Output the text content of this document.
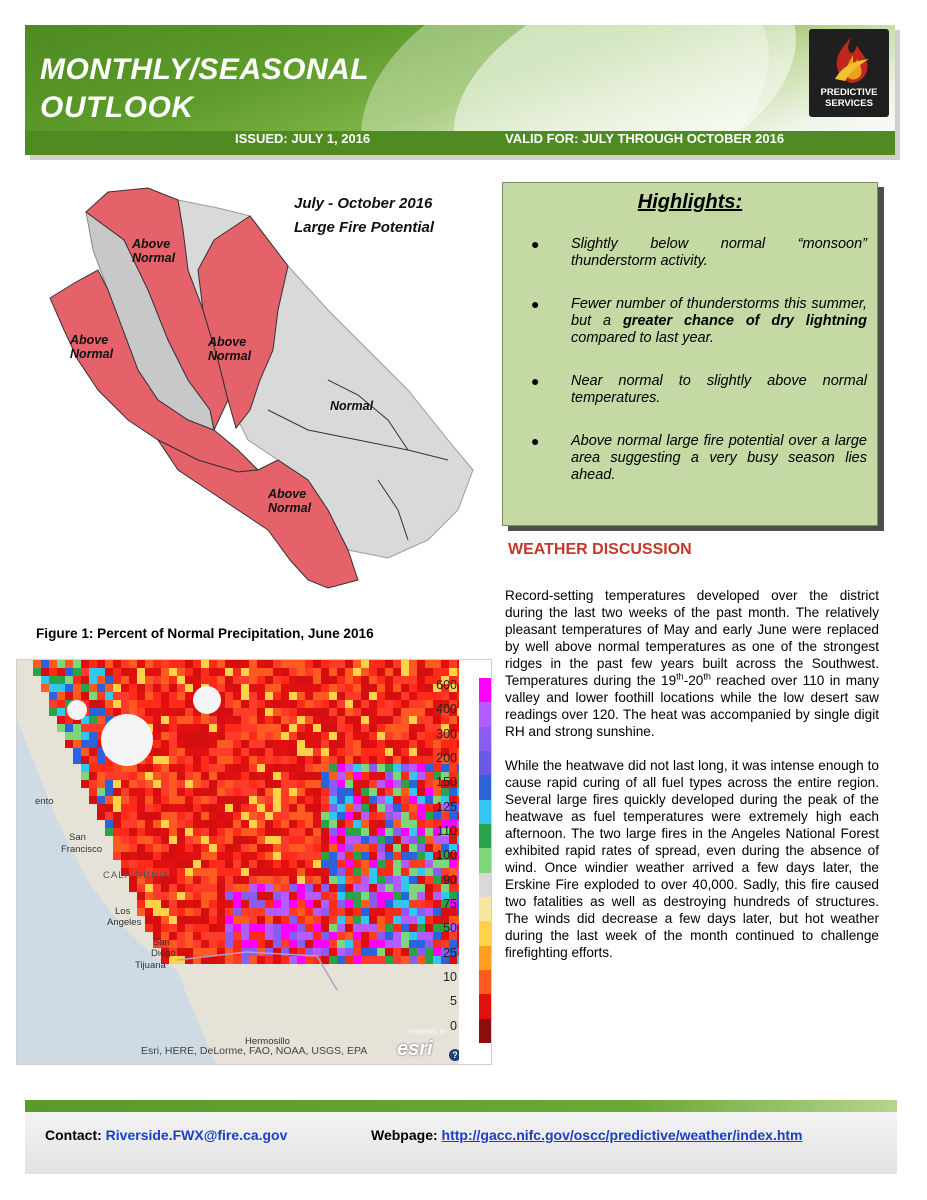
MONTHLY/SEASONAL
OUTLOOK
ISSUED: JULY 1, 2016	VALID FOR: JULY THROUGH OCTOBER 2016
PREDICTIVE
SERVICES
July - October 2016
Large Fire Potential
Above
Normal
Above
Normal
Above
Normal
Normal
Above
Normal
Highlights:
● Slightly below normal “monsoon” thunderstorm activity.
● Fewer number of thunderstorms this summer, but a greater chance of dry lightning compared to last year.
● Near normal to slightly above normal temperatures.
● Above normal large fire potential over a large area suggesting a very busy season lies ahead.
WEATHER DISCUSSION

Record-setting temperatures developed over the district during the last two weeks of the past month. The relatively pleasant temperatures of May and early June were replaced by well above normal temperatures as one of the strongest ridges in the past few years built across the Southwest. Temperatures during the 19th-20th reached over 110 in many valley and lower foothill locations while the low desert saw readings over 120. The heat was accompanied by single digit RH and strong sunshine.

While the heatwave did not last long, it was intense enough to cause rapid curing of all fuel types across the entire region. Several large fires quickly developed during the peak of the heatwave as fuel temperatures were extremely high each afternoon. The two large fires in the Angeles National Forest exhibited rapid rates of spread, even during the absence of wind. Once windier weather arrived a few days later, the Erskine Fire exploded to over 40,000. Sadly, this fire caused two fatalities as well as destroying hundreds of structures. The winds did decrease a few days later, but hot weather during the last week of the month continued to challenge firefighting efforts.

Figure 1: Percent of Normal Precipitation, June 2016
ento
San
Francisco
CALIFORNIA
Los
Angeles
San
Diego
Tijuana
Hermosillo
POWERED BY
Esri, HERE, DeLorme, FAO, NOAA, USGS, EPA esri	?
600
400
300
200
150
125
110
100
90
75
50
25
10
5
0
Contact: Riverside.FWX@fire.ca.gov	Webpage: http://gacc.nifc.gov/oscc/predictive/weather/index.htm
